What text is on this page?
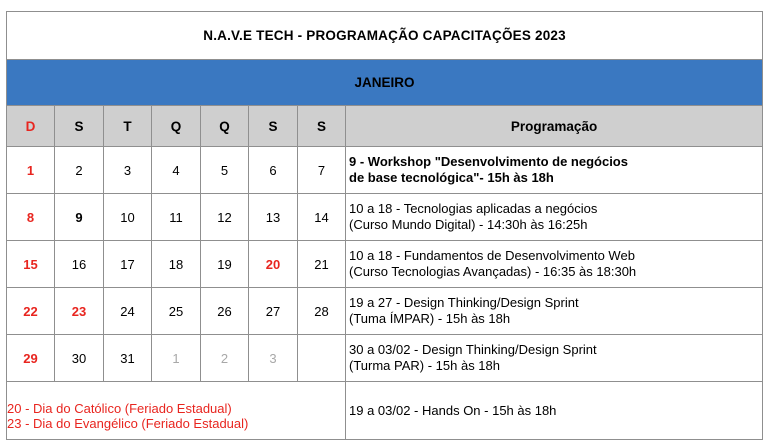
N.A.V.E TECH - PROGRAMAÇÃO CAPACITAÇÕES 2023							
JANEIRO							
D	S	T	Q	Q	S	S	Programação
1	2	3	4	5	6	7	9 - Workshop "Desenvolvimento de negócios
de base tecnológica"- 15h às 18h

8	9	10	11	12	13	14	10 a 18 - Tecnologias aplicadas a negócios
(Curso Mundo Digital) - 14:30h às 16:25h

15	16	17	18	19	20	21	10 a 18 - Fundamentos de Desenvolvimento Web
(Curso Tecnologias Avançadas) - 16:35 às 18:30h

22	23	24	25	26	27	28	19 a 27 - Design Thinking/Design Sprint
(Tuma ÍMPAR) - 15h às 18h

29	30	31	1	2	3		30 a 03/02 - Design Thinking/Design Sprint
(Turma PAR) - 15h às 18h

20 - Dia do Católico (Feriado Estadual)
23 - Dia do Evangélico (Feriado Estadual)							19 a 03/02 - Hands On - 15h às 18h
